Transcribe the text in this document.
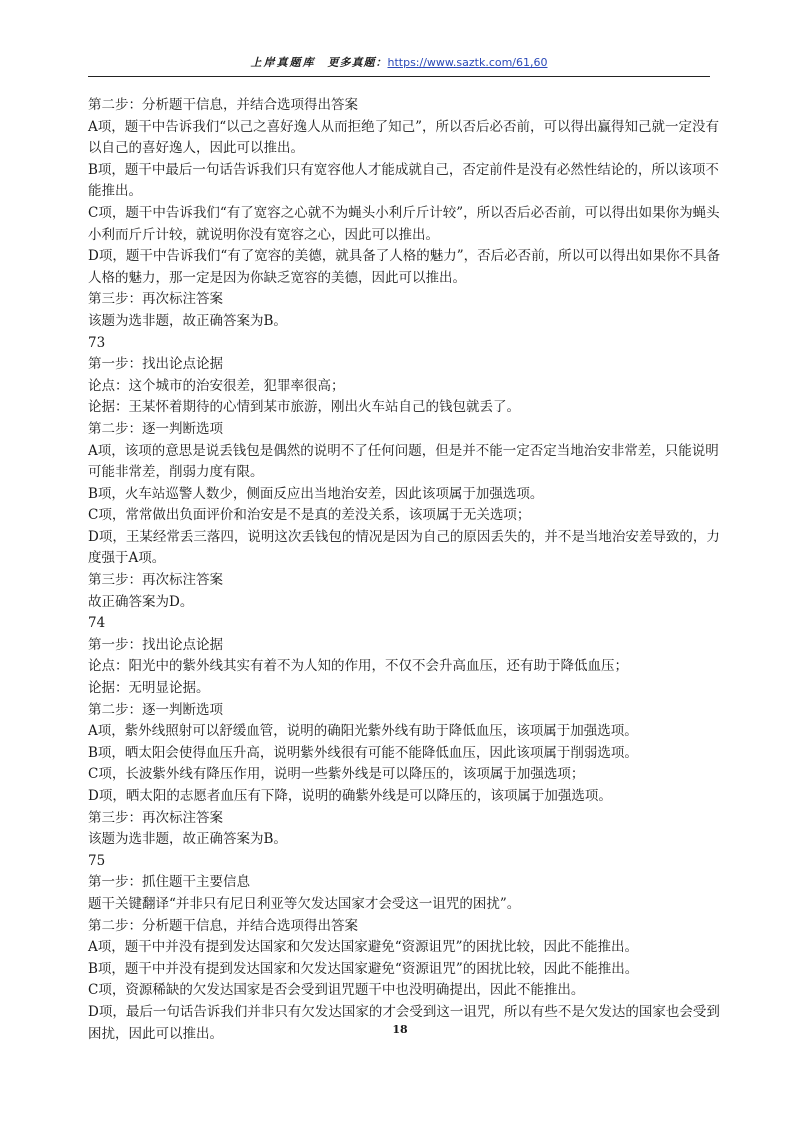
上岸真题库 更多真题：https://www.saztk.com/61,60

第二步：分析题干信息，并结合选项得出答案

A项，题干中告诉我们“以己之喜好逸人从而拒绝了知己”，所以否后必否前，可以得出赢得知己就一定没有以自己的喜好逸人，因此可以推出。

B项，题干中最后一句话告诉我们只有宽容他人才能成就自己，否定前件是没有必然性结论的，所以该项不能推出。

C项，题干中告诉我们“有了宽容之心就不为蝇头小利斤斤计较”，所以否后必否前，可以得出如果你为蝇头小利而斤斤计较，就说明你没有宽容之心，因此可以推出。

D项，题干中告诉我们“有了宽容的美德，就具备了人格的魅力”，否后必否前，所以可以得出如果你不具备人格的魅力，那一定是因为你缺乏宽容的美德，因此可以推出。

第三步：再次标注答案

该题为选非题，故正确答案为B。

73

第一步：找出论点论据

论点：这个城市的治安很差，犯罪率很高；

论据：王某怀着期待的心情到某市旅游，刚出火车站自己的钱包就丢了。

第二步：逐一判断选项

A项，该项的意思是说丢钱包是偶然的说明不了任何问题，但是并不能一定否定当地治安非常差，只能说明可能非常差，削弱力度有限。

B项，火车站巡警人数少，侧面反应出当地治安差，因此该项属于加强选项。

C项，常常做出负面评价和治安是不是真的差没关系，该项属于无关选项；

D项，王某经常丢三落四，说明这次丢钱包的情况是因为自己的原因丢失的，并不是当地治安差导致的，力度强于A项。

第三步：再次标注答案

故正确答案为D。

74

第一步：找出论点论据

论点：阳光中的紫外线其实有着不为人知的作用，不仅不会升高血压，还有助于降低血压；

论据：无明显论据。

第二步：逐一判断选项

A项，紫外线照射可以舒缓血管，说明的确阳光紫外线有助于降低血压，该项属于加强选项。

B项，晒太阳会使得血压升高，说明紫外线很有可能不能降低血压，因此该项属于削弱选项。

C项，长波紫外线有降压作用，说明一些紫外线是可以降压的，该项属于加强选项；

D项，晒太阳的志愿者血压有下降，说明的确紫外线是可以降压的，该项属于加强选项。

第三步：再次标注答案

该题为选非题，故正确答案为B。

75

第一步：抓住题干主要信息

题干关键翻译“并非只有尼日利亚等欠发达国家才会受这一诅咒的困扰”。

第二步：分析题干信息，并结合选项得出答案

A项，题干中并没有提到发达国家和欠发达国家避免“资源诅咒”的困扰比较，因此不能推出。

B项，题干中并没有提到发达国家和欠发达国家避免“资源诅咒”的困扰比较，因此不能推出。

C项，资源稀缺的欠发达国家是否会受到诅咒题干中也没明确提出，因此不能推出。

D项，最后一句话告诉我们并非只有欠发达国家的才会受到这一诅咒，所以有些不是欠发达的国家也会受到困扰，因此可以推出。	18
